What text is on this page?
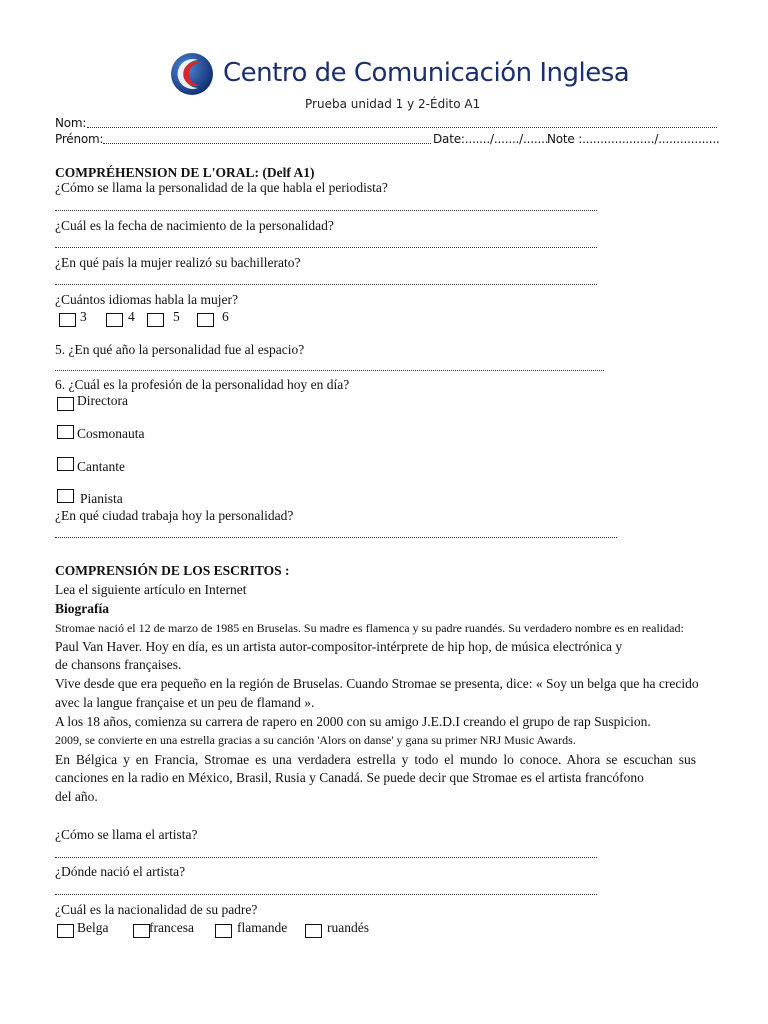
Centro de Comunicación Inglesa
Prueba unidad 1 y 2-Édito A1
Nom:
Prénom:	Date:......./......./.......
Note :..................../.................
COMPRÉHENSION DE L'ORAL: (Delf A1)
¿Cómo se llama la personalidad de la que habla el periodista?
¿Cuál es la fecha de nacimiento de la personalidad?
¿En qué país la mujer realizó su bachillerato?
¿Cuántos idiomas habla la mujer?
3	4	5	6
5. ¿En qué año la personalidad fue al espacio?
6. ¿Cuál es la profesión de la personalidad hoy en día?
Directora
Cosmonauta
Cantante
Pianista
¿En qué ciudad trabaja hoy la personalidad?
COMPRENSIÓN DE LOS ESCRITOS :
Lea el siguiente artículo en Internet
Biografía
Stromae nació el 12 de marzo de 1985 en Bruselas. Su madre es flamenca y su padre ruandés. Su verdadero nombre es en realidad:
Paul Van Haver. Hoy en día, es un artista autor-compositor-intérprete de hip hop, de música electrónica y
de chansons françaises.
Vive desde que era pequeño en la región de Bruselas. Cuando Stromae se presenta, dice: « Soy un belga que ha crecido
avec la langue française et un peu de flamand ».
A los 18 años, comienza su carrera de rapero en 2000 con su amigo J.E.D.I creando el grupo de rap Suspicion.
2009, se convierte en una estrella gracias a su canción 'Alors on danse' y gana su primer NRJ Music Awards.
En Bélgica y en Francia, Stromae es una verdadera estrella y todo el mundo lo conoce. Ahora se escuchan sus
canciones en la radio en México, Brasil, Rusia y Canadá. Se puede decir que Stromae es el artista francófono
del año.
¿Cómo se llama el artista?
¿Dónde nació el artista?
¿Cuál es la nacionalidad de su padre?
Belga	francesa	flamande	ruandés
